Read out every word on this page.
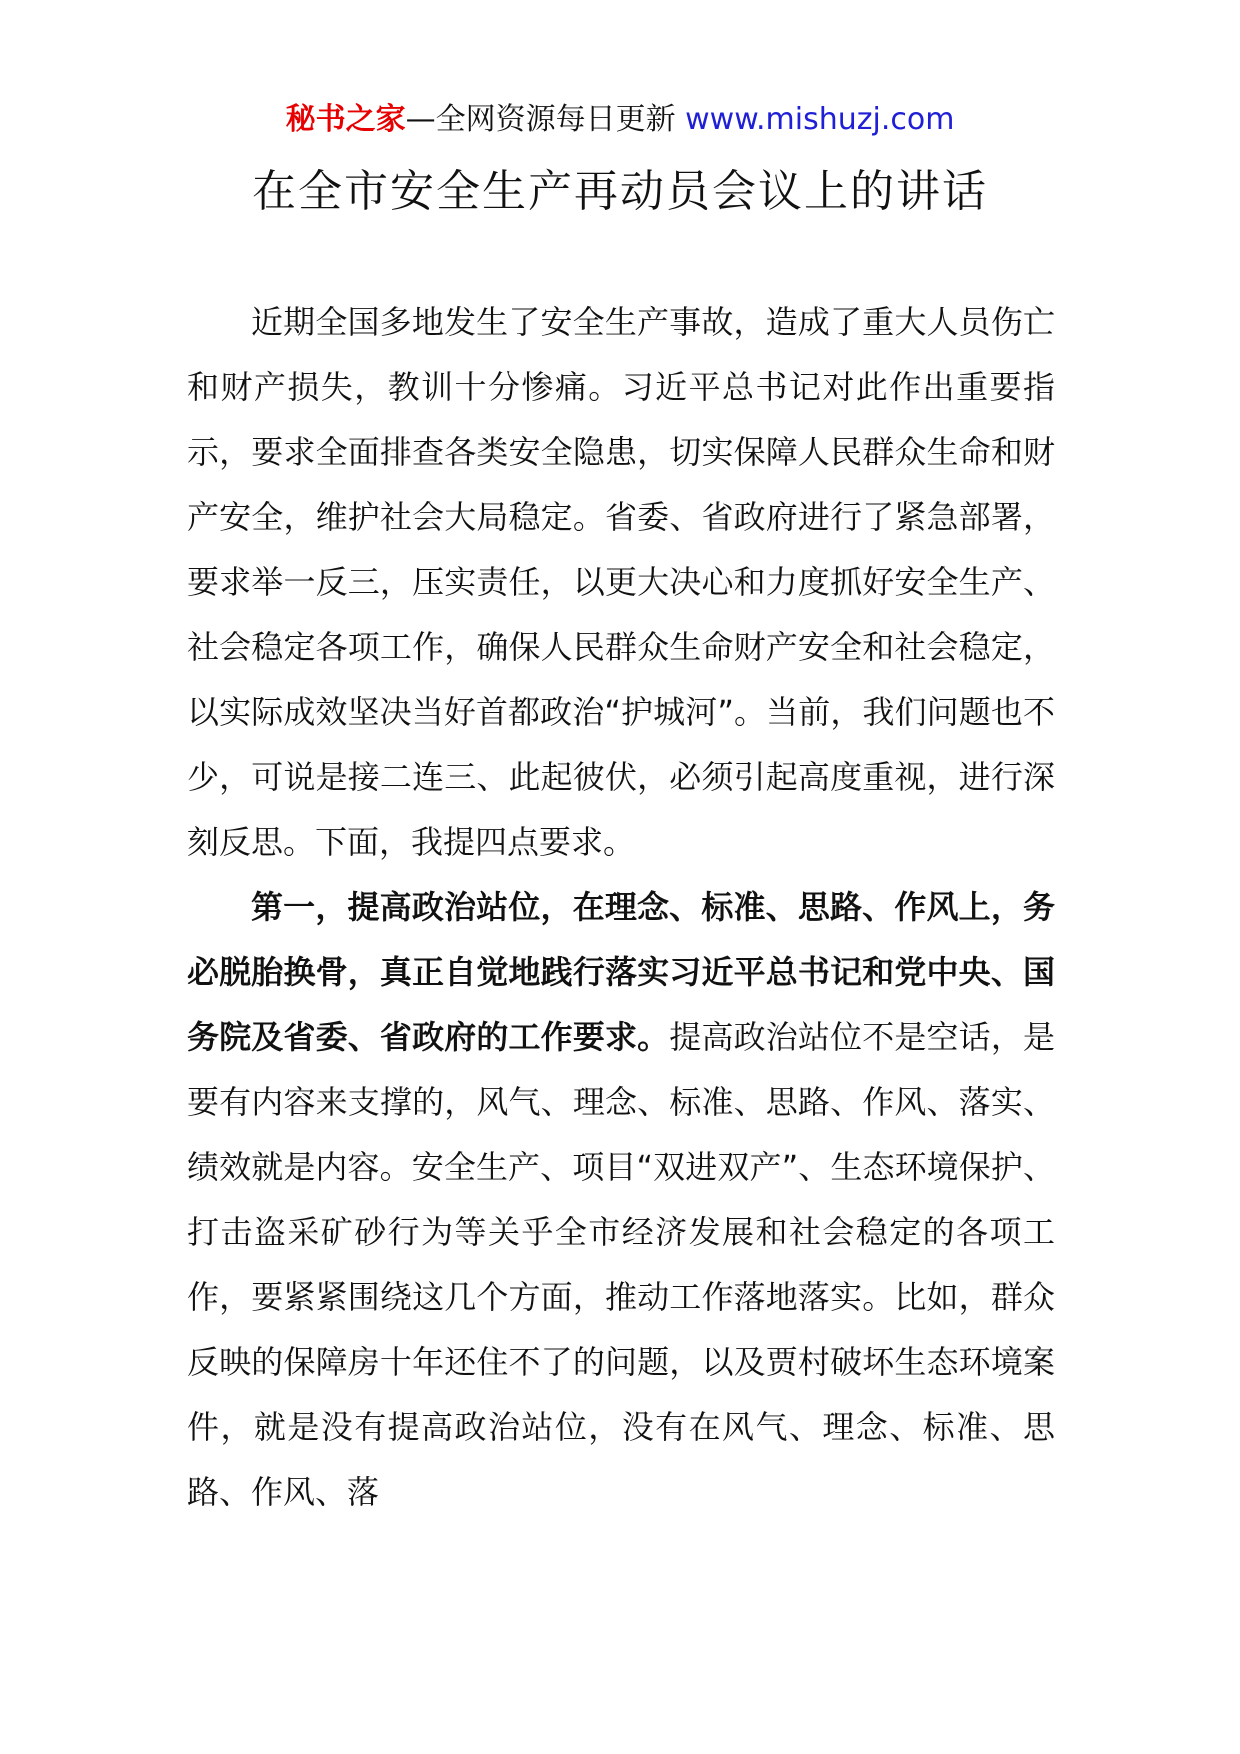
秘书之家—全网资源每日更新 www.mishuzj.com
在全市安全生产再动员会议上的讲话

近期全国多地发生了安全生产事故，造成了重大人员伤亡和财产损失，教训十分惨痛。习近平总书记对此作出重要指示，要求全面排查各类安全隐患，切实保障人民群众生命和财产安全，维护社会大局稳定。省委、省政府进行了紧急部署，要求举一反三，压实责任，以更大决心和力度抓好安全生产、社会稳定各项工作，确保人民群众生命财产安全和社会稳定，以实际成效坚决当好首都政治“护城河”。当前，我们问题也不少，可说是接二连三、此起彼伏，必须引起高度重视，进行深刻反思。下面，我提四点要求。

第一，提高政治站位，在理念、标准、思路、作风上，务必脱胎换骨，真正自觉地践行落实习近平总书记和党中央、国务院及省委、省政府的工作要求。提高政治站位不是空话，是要有内容来支撑的，风气、理念、标准、思路、作风、落实、绩效就是内容。安全生产、项目“双进双产”、生态环境保护、打击盗采矿砂行为等关乎全市经济发展和社会稳定的各项工作，要紧紧围绕这几个方面，推动工作落地落实。比如，群众反映的保障房十年还住不了的问题，以及贾村破坏生态环境案件，就是没有提高政治站位，没有在风气、理念、标准、思路、作风、落
